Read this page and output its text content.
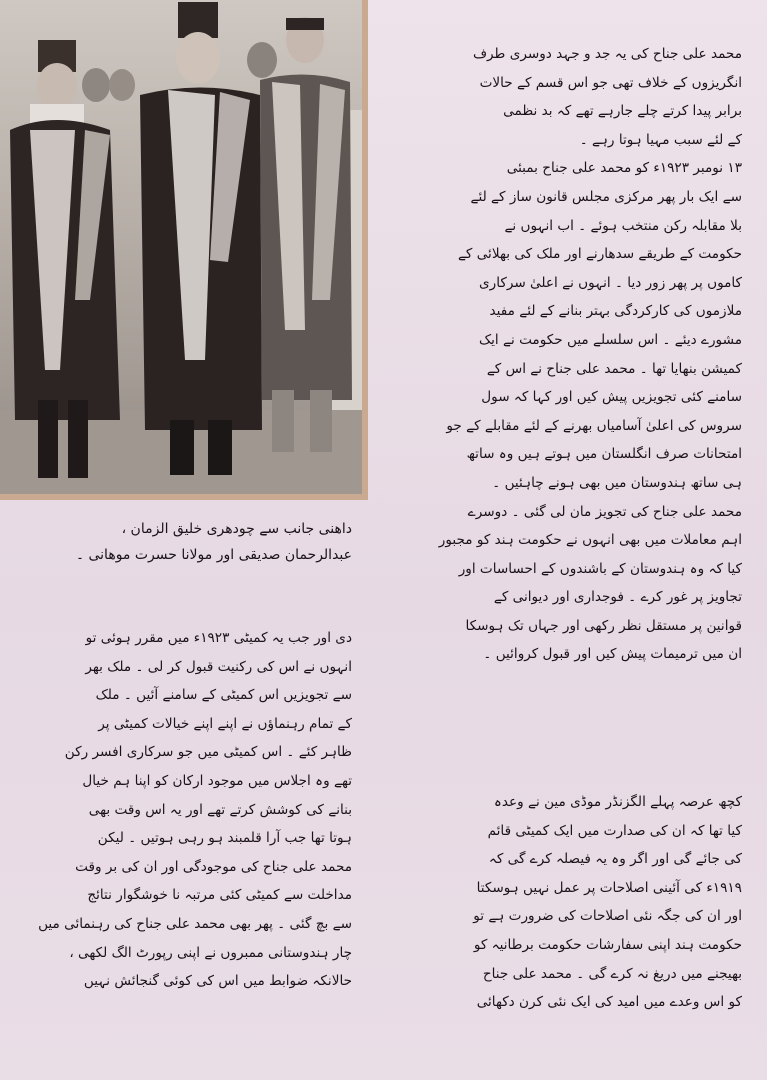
داھنی جانب سے چودھری خلیق الزمان ،

عبدالرحمان صدیقی اور مولانا حسرت موھانی ۔

محمد علی جناح کی یہ جد و جہد دوسری طرف

انگریزوں کے خلاف تھی جو اس قسم کے حالات

برابر پیدا کرتے چلے جارہے تھے کہ بد نظمی

کے لئے سبب مہیا ہوتا رہے ۔

۱۳ نومبر ۱۹۲۳ء کو محمد علی جناح بمبئی

سے ایک بار پھر مرکزی مجلس قانون ساز کے لئے

بلا مقابلہ رکن منتخب ہوئے ۔ اب انہوں نے

حکومت کے طریقے سدھارنے اور ملک کی بھلائی کے

کاموں پر پھر زور دیا ۔ انہوں نے اعلیٰ سرکاری

ملازموں کی کارکردگی بہتر بنانے کے لئے مفید

مشورے دیئے ۔ اس سلسلے میں حکومت نے ایک

کمیشن بنھایا تھا ۔ محمد علی جناح نے اس کے

سامنے کئی تجویزیں پیش کیں اور کہا کہ سول

سروس کی اعلیٰ آسامیاں بھرنے کے لئے مقابلے کے جو

امتحانات صرف انگلستان میں ہوتے ہیں وہ ساتھ

ہی ساتھ ہندوستان میں بھی ہونے چاہئیں ۔

محمد علی جناح کی تجویز مان لی گئی ۔ دوسرے

اہم معاملات میں بھی انہوں نے حکومت ہند کو مجبور

کیا کہ وہ ہندوستان کے باشندوں کے احساسات اور

تجاویز پر غور کرے ۔ فوجداری اور دیوانی کے

قوانین پر مستقل نظر رکھی اور جہاں تک ہوسکا

ان میں ترمیمات پیش کیں اور قبول کروائیں ۔

کچھ عرصہ پہلے الگزنڈر موڈی مین نے وعدہ

کیا تھا کہ ان کی صدارت میں ایک کمیٹی قائم

کی جائے گی اور اگر وہ یہ فیصلہ کرے گی کہ

۱۹۱۹ء کی آئینی اصلاحات پر عمل نہیں ہوسکتا

اور ان کی جگہ نئی اصلاحات کی ضرورت ہے تو

حکومت ہند اپنی سفارشات حکومت برطانیہ کو

بھیجنے میں دریغ نہ کرے گی ۔ محمد علی جناح

کو اس وعدے میں امید کی ایک نئی کرن دکھائی

دی اور جب یہ کمیٹی ۱۹۲۳ء میں مقرر ہوئی تو

انہوں نے اس کی رکنیت قبول کر لی ۔ ملک بھر

سے تجویزیں اس کمیٹی کے سامنے آئیں ۔ ملک

کے تمام رہنماؤں نے اپنے اپنے خیالات کمیٹی پر

ظاہر کئے ۔ اس کمیٹی میں جو سرکاری افسر رکن

تھے وہ اجلاس میں موجود ارکان کو اپنا ہم خیال

بنانے کی کوشش کرتے تھے اور یہ اس وقت بھی

ہوتا تھا جب آرا قلمبند ہو رہی ہوتیں ۔ لیکن

محمد علی جناح کی موجودگی اور ان کی بر وقت

مداخلت سے کمیٹی کئی مرتبہ نا خوشگوار نتائج

سے بچ گئی ۔ پھر بھی محمد علی جناح کی رہنمائی میں

چار ہندوستانی ممبروں نے اپنی رپورٹ الگ لکھی ،

حالانکہ ضوابط میں اس کی کوئی گنجائش نہیں
